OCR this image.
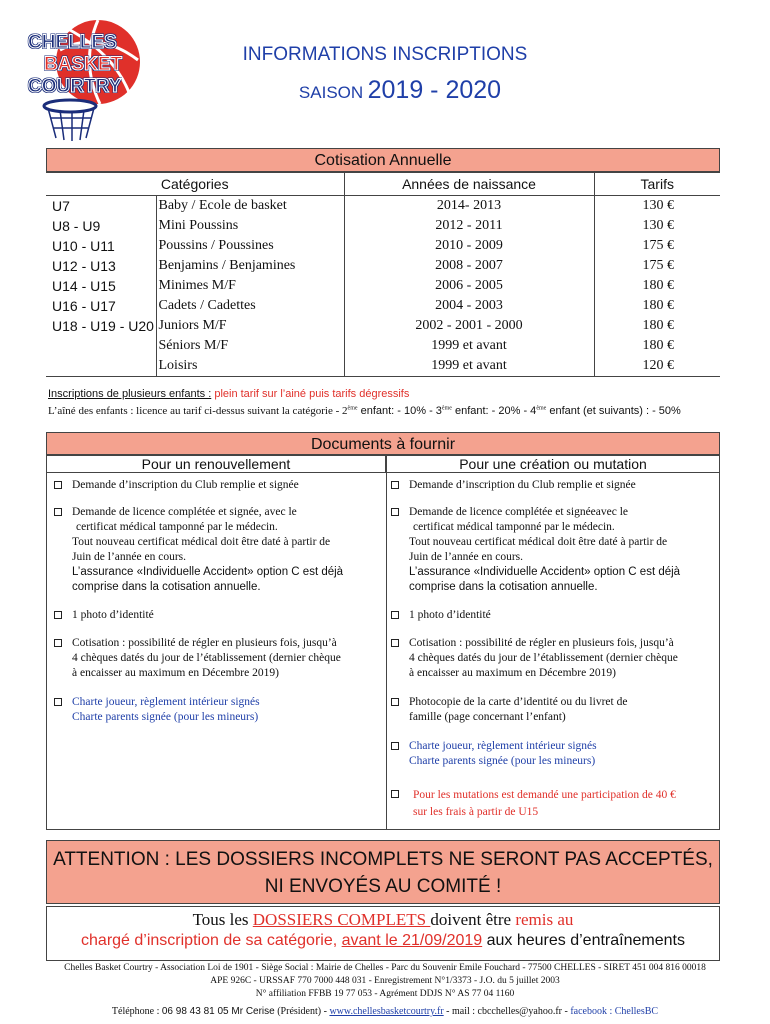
CHELLES
BASKET
COURTRY
INFORMATIONS INSCRIPTIONS
SAISON 2019 - 2020
Cotisation Annuelle
Catégories		Années de naissance	Tarifs
U7	Baby / Ecole de basket	2014- 2013	130 €
U8 - U9	Mini Poussins	2012 - 2011	130 €
U10 - U11	Poussins / Poussines	2010 - 2009	175 €
U12 - U13	Benjamins / Benjamines	2008 - 2007	175 €
U14 - U15	Minimes M/F	2006 - 2005	180 €
U16 - U17	Cadets / Cadettes	2004 - 2003	180 €
U18 - U19 - U20	Juniors M/F	2002 - 2001 - 2000	180 €
	Séniors M/F	1999 et avant	180 €
	Loisirs	1999 et avant	120 €
Inscriptions de plusieurs enfants : plein tarif sur l’ainé puis tarifs dégressifs
L’aîné des enfants : licence au tarif ci-dessus suivant la catégorie - 2ème enfant: - 10% - 3ème enfant: - 20% - 4ème enfant (et suivants) : - 50%
Documents à fournir
Pour un renouvellement	Pour une création ou mutation
Demande d’inscription du Club remplie et signée
Demande de licence complétée et signée, avec le
certificat médical tamponné par le médecin.
Tout nouveau certificat médical doit être daté à partir de
Juin de l’année en cours.
L’assurance «Individuelle Accident» option C est déjà
comprise dans la cotisation annuelle.
1 photo d’identité
Cotisation : possibilité de régler en plusieurs fois, jusqu’à
4 chèques datés du jour de l’établissement (dernier chèque
à encaisser au maximum en Décembre 2019)
Charte joueur, règlement intérieur signés
Charte parents signée (pour les mineurs)
Demande d’inscription du Club remplie et signée
Demande de licence complétée et signéeavec le
certificat médical tamponné par le médecin.
Tout nouveau certificat médical doit être daté à partir de
Juin de l’année en cours.
L’assurance «Individuelle Accident» option C est déjà
comprise dans la cotisation annuelle.
1 photo d’identité
Cotisation : possibilité de régler en plusieurs fois, jusqu’à
4 chèques datés du jour de l’établissement (dernier chèque
à encaisser au maximum en Décembre 2019)
Photocopie de la carte d’identité ou du livret de
famille (page concernant l’enfant)
Charte joueur, règlement intérieur signés
Charte parents signée (pour les mineurs)
Pour les mutations est demandé une participation de 40 €
sur les frais à partir de U15
ATTENTION : LES DOSSIERS INCOMPLETS NE SERONT PAS ACCEPTÉS,
NI ENVOYÉS AU COMITÉ !
Tous les DOSSIERS COMPLETS doivent être remis au
chargé d’inscription de sa catégorie, avant le 21/09/2019 aux heures d’entraînements
Chelles Basket Courtry - Association Loi de 1901 - Siège Social : Mairie de Chelles - Parc du Souvenir Emile Fouchard - 77500 CHELLES - SIRET 451 004 816 00018
APE 926C - URSSAF 770 7000 448 031 - Enregistrement N°1/3373 - J.O. du 5 juillet 2003
N° affiliation FFBB 19 77 053 - Agrément DDJS N° AS 77 04 1160
Téléphone : 06 98 43 81 05 Mr Cerise (Président) - www.chellesbasketcourtry.fr - mail : cbcchelles@yahoo.fr - facebook : ChellesBC
